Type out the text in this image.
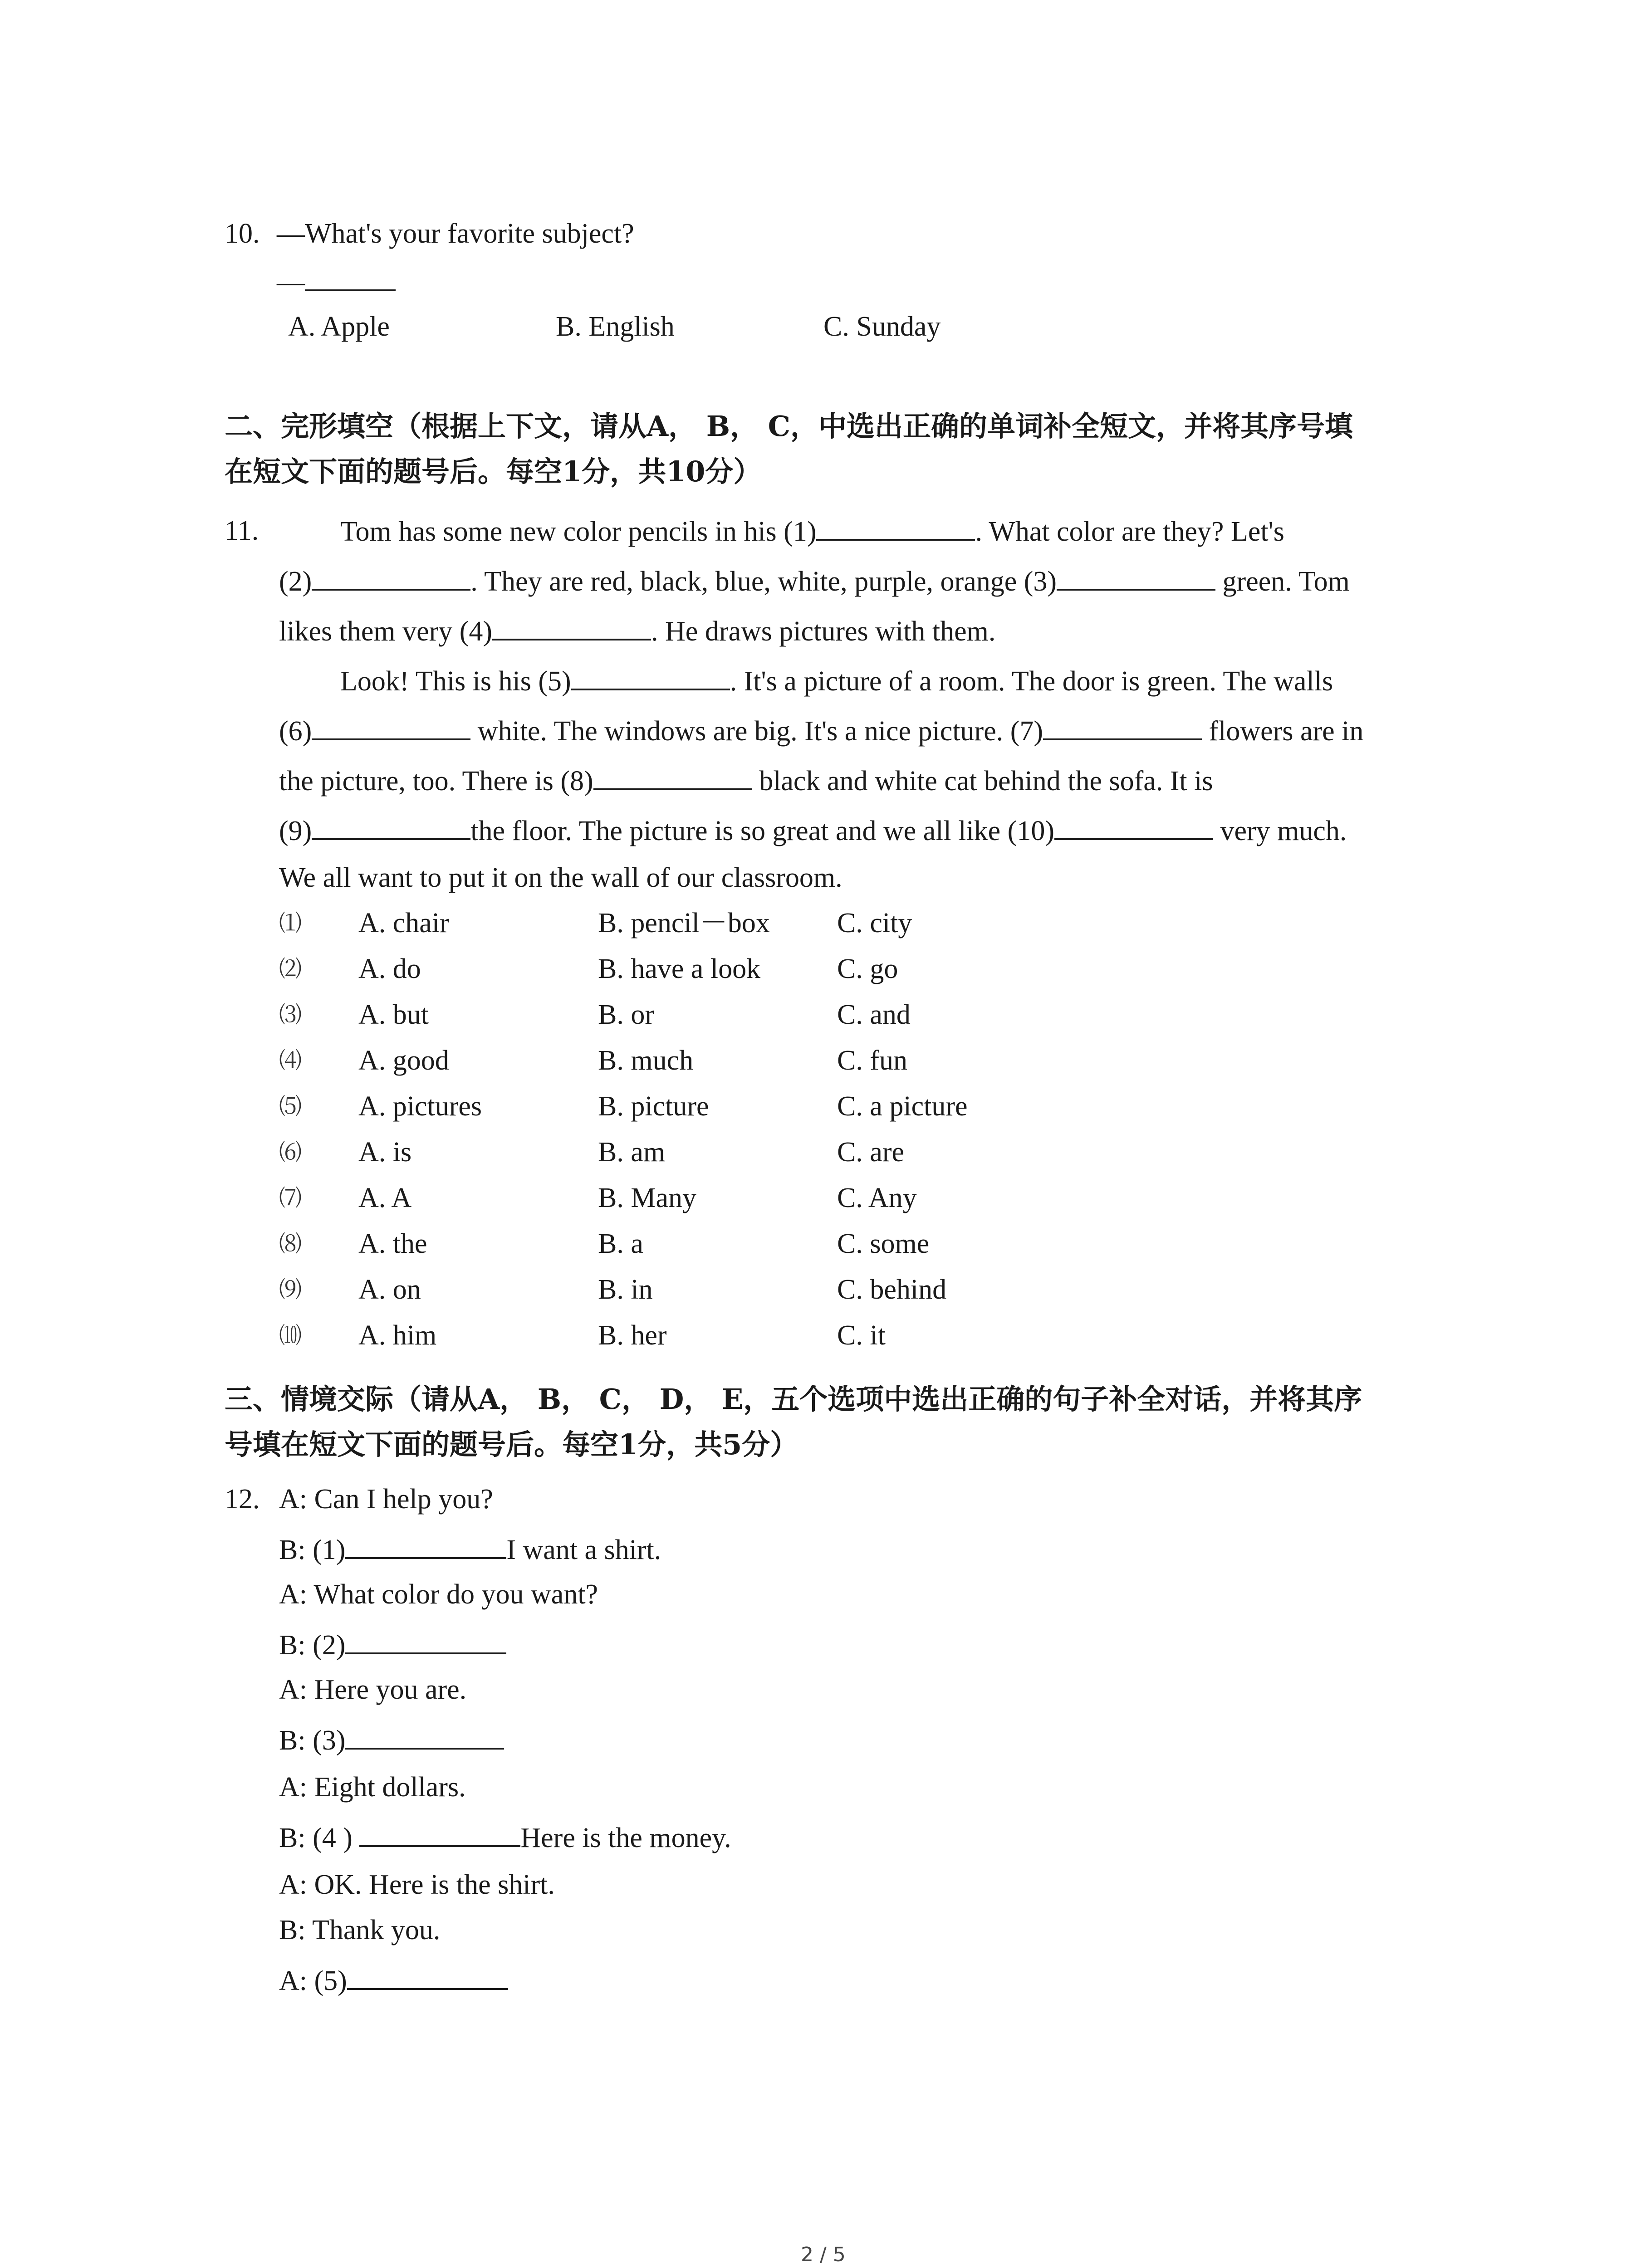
10. —What's your favorite subject?
—
A. Apple	B. English	C. Sunday
二、完形填空（根据上下文，请从A， B， C，中选出正确的单词补全短文，并将其序号填
在短文下面的题号后。每空1分，共10分）
11.	Tom has some new color pencils in his (1)	. What color are they? Let's
(2)	. They are red, black, blue, white, purple, orange (3)	green. Tom
likes them very (4)	. He draws pictures with them.
Look! This is his (5)	. It's a picture of a room. The door is green. The walls
(6)	white. The windows are big. It's a nice picture. (7)	flowers are in
the picture, too. There is (8)	black and white cat behind the sofa. It is
(9)	the floor. The picture is so great and we all like (10)	very much.
We all want to put it on the wall of our classroom.
⑴ A. chair	B. pencil－box C. city
⑵ A. do	B. have a look	C. go
⑶ A. but	B. or	C. and
⑷ A. good	B. much	C. fun
⑸ A. pictures	B. picture	C. a picture
⑹ A. is	B. am	C. are
⑺ A. A	B. Many	C. Any
⑻ A. the	B. a	C. some
⑼ A. on	B. in	C. behind
⑽ A. him	B. her	C. it
三、情境交际（请从A， B， C， D， E，五个选项中选出正确的句子补全对话，并将其序
号填在短文下面的题号后。每空1分，共5分）
12. A: Can I help you?
B: (1)	I want a shirt.
A: What color do you want?
B: (2)
A: Here you are.
B: (3)
A: Eight dollars.
B: (4 )	Here is the money.
A: OK. Here is the shirt.
B: Thank you.
A: (5)
2 / 5
